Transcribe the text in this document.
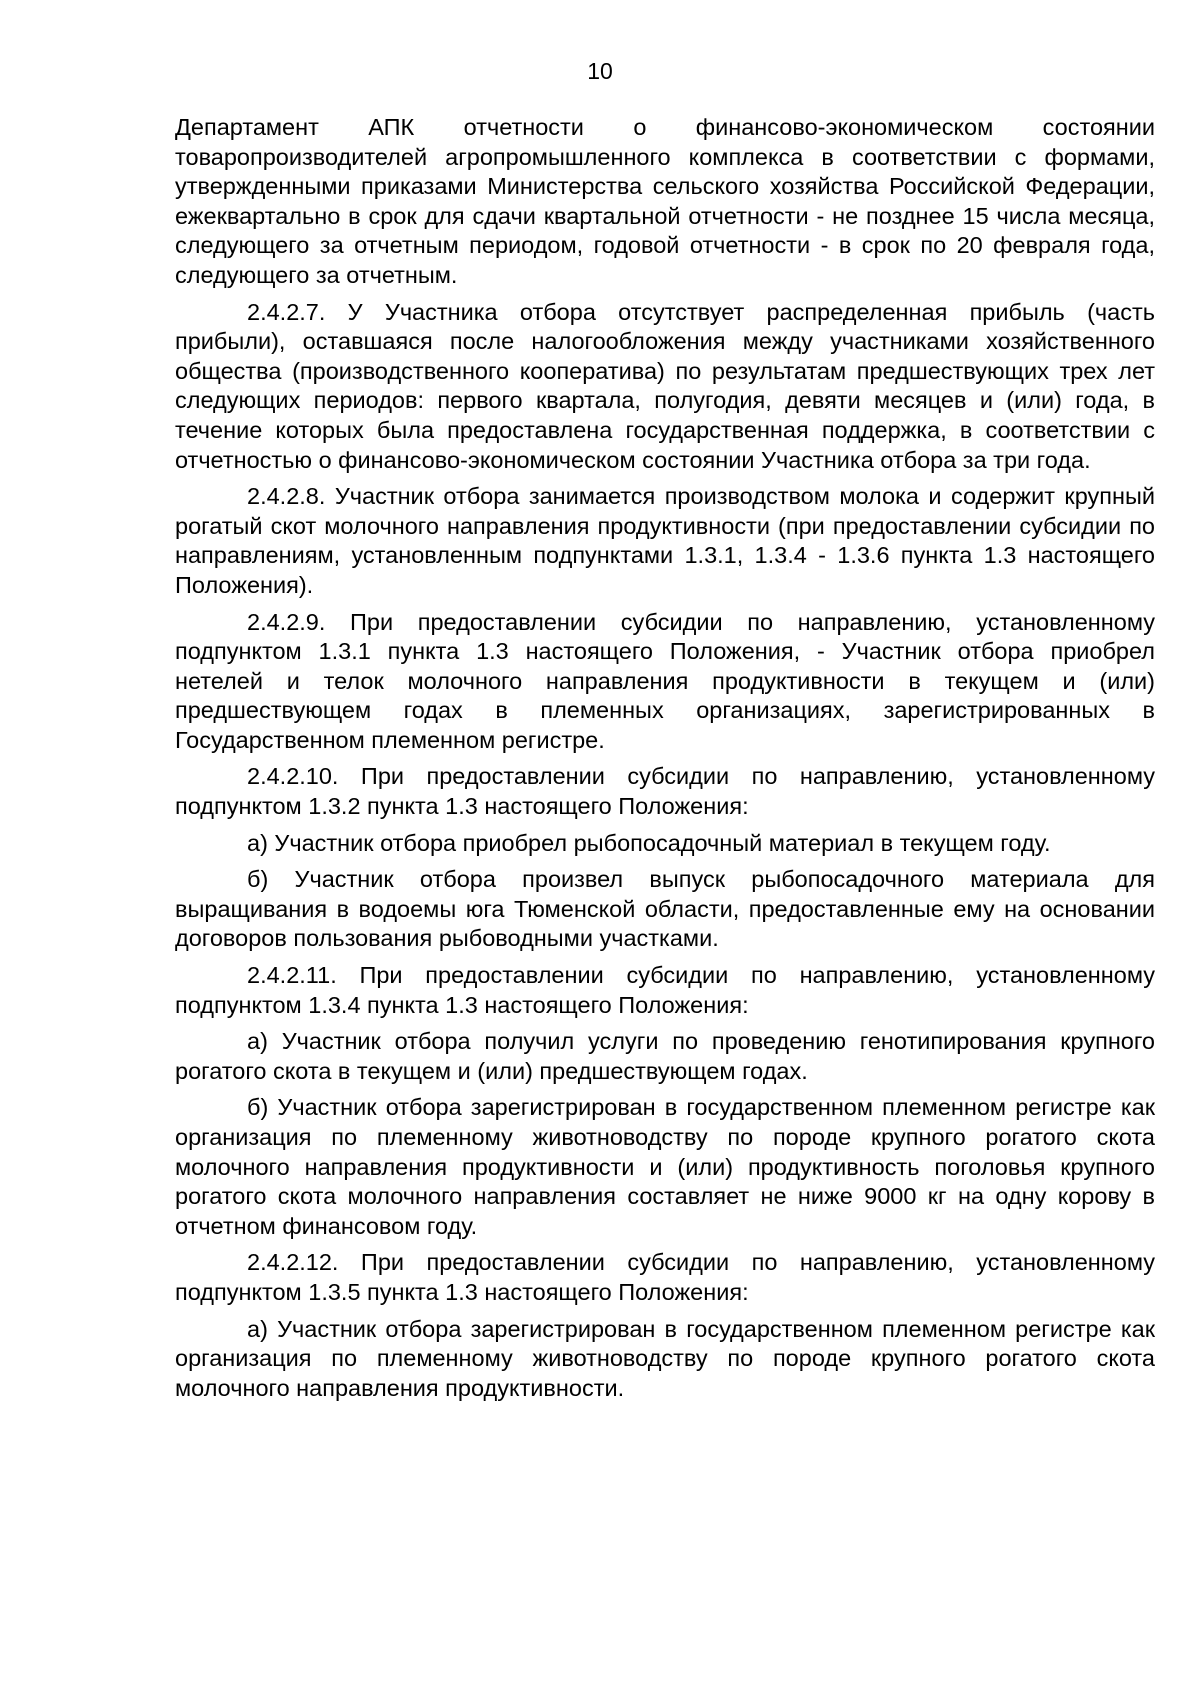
10

Департамент АПК отчетности о финансово-экономическом состоянии товаропроизводителей агропромышленного комплекса в соответствии с формами, утвержденными приказами Министерства сельского хозяйства Российской Федерации, ежеквартально в срок для сдачи квартальной отчетности - не позднее 15 числа месяца, следующего за отчетным периодом, годовой отчетности - в срок по 20 февраля года, следующего за отчетным.

2.4.2.7. У Участника отбора отсутствует распределенная прибыль (часть прибыли), оставшаяся после налогообложения между участниками хозяйственного общества (производственного кооператива) по результатам предшествующих трех лет следующих периодов: первого квартала, полугодия, девяти месяцев и (или) года, в течение которых была предоставлена государственная поддержка, в соответствии с отчетностью о финансово-экономическом состоянии Участника отбора за три года.

2.4.2.8. Участник отбора занимается производством молока и содержит крупный рогатый скот молочного направления продуктивности (при предоставлении субсидии по направлениям, установленным подпунктами 1.3.1, 1.3.4 - 1.3.6 пункта 1.3 настоящего Положения).

2.4.2.9. При предоставлении субсидии по направлению, установленному подпунктом 1.3.1 пункта 1.3 настоящего Положения, - Участник отбора приобрел нетелей и телок молочного направления продуктивности в текущем и (или) предшествующем годах в племенных организациях, зарегистрированных в Государственном племенном регистре.

2.4.2.10. При предоставлении субсидии по направлению, установленному подпунктом 1.3.2 пункта 1.3 настоящего Положения:

а) Участник отбора приобрел рыбопосадочный материал в текущем году.

б) Участник отбора произвел выпуск рыбопосадочного материала для выращивания в водоемы юга Тюменской области, предоставленные ему на основании договоров пользования рыбоводными участками.

2.4.2.11. При предоставлении субсидии по направлению, установленному подпунктом 1.3.4 пункта 1.3 настоящего Положения:

а) Участник отбора получил услуги по проведению генотипирования крупного рогатого скота в текущем и (или) предшествующем годах.

б) Участник отбора зарегистрирован в государственном племенном регистре как организация по племенному животноводству по породе крупного рогатого скота молочного направления продуктивности и (или) продуктивность поголовья крупного рогатого скота молочного направления составляет не ниже 9000 кг на одну корову в отчетном финансовом году.

2.4.2.12. При предоставлении субсидии по направлению, установленному подпунктом 1.3.5 пункта 1.3 настоящего Положения:

а) Участник отбора зарегистрирован в государственном племенном регистре как организация по племенному животноводству по породе крупного рогатого скота молочного направления продуктивности.
